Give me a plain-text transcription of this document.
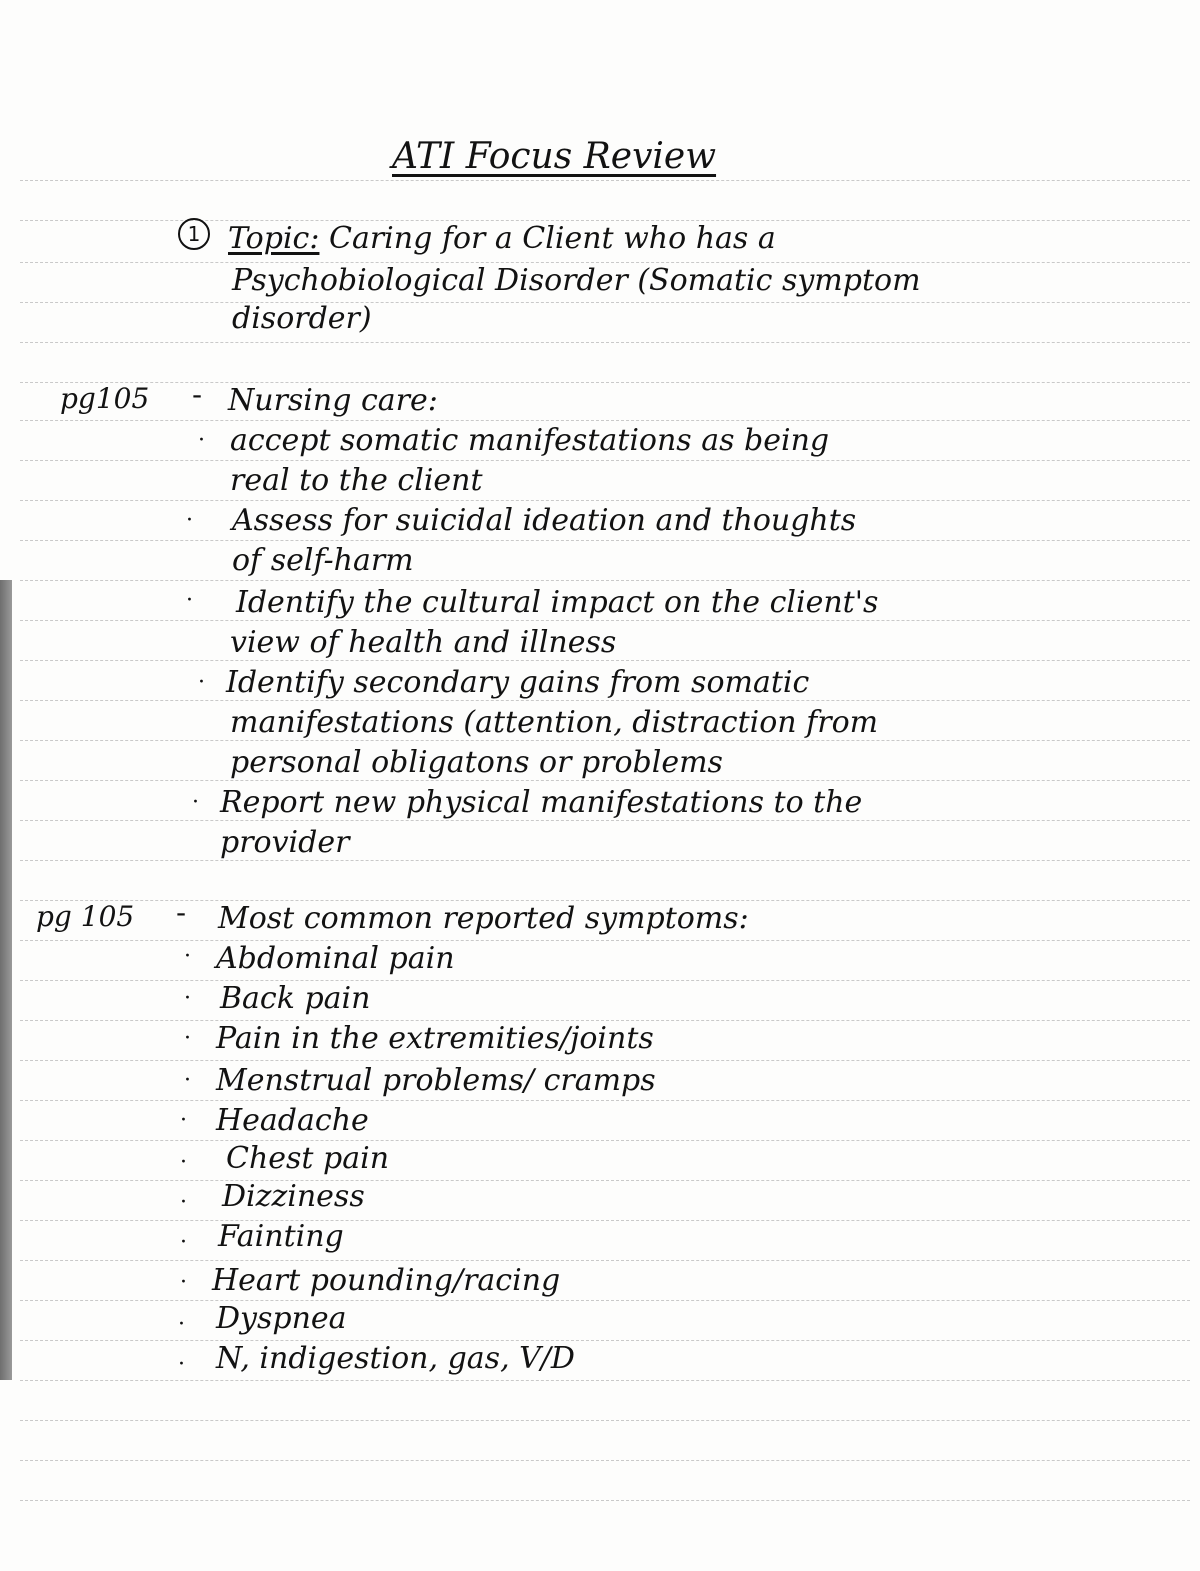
ATI Focus Review
1 Topic: Caring for a Client who has a
Psychobiological Disorder (Somatic symptom
disorder)
pg105 - Nursing care:
· accept somatic manifestations as being
real to the client
· Assess for suicidal ideation and thoughts
of self-harm
· Identify the cultural impact on the client's
view of health and illness
· Identify secondary gains from somatic
manifestations (attention, distraction from
personal obligatons or problems
· Report new physical manifestations to the
provider
pg 105 - Most common reported symptoms:
· Abdominal pain
· Back pain
· Pain in the extremities/joints
· Menstrual problems/ cramps
· Headache
· Chest pain
· Dizziness
· Fainting
· Heart pounding/racing
· Dyspnea
· N, indigestion, gas, V/D
